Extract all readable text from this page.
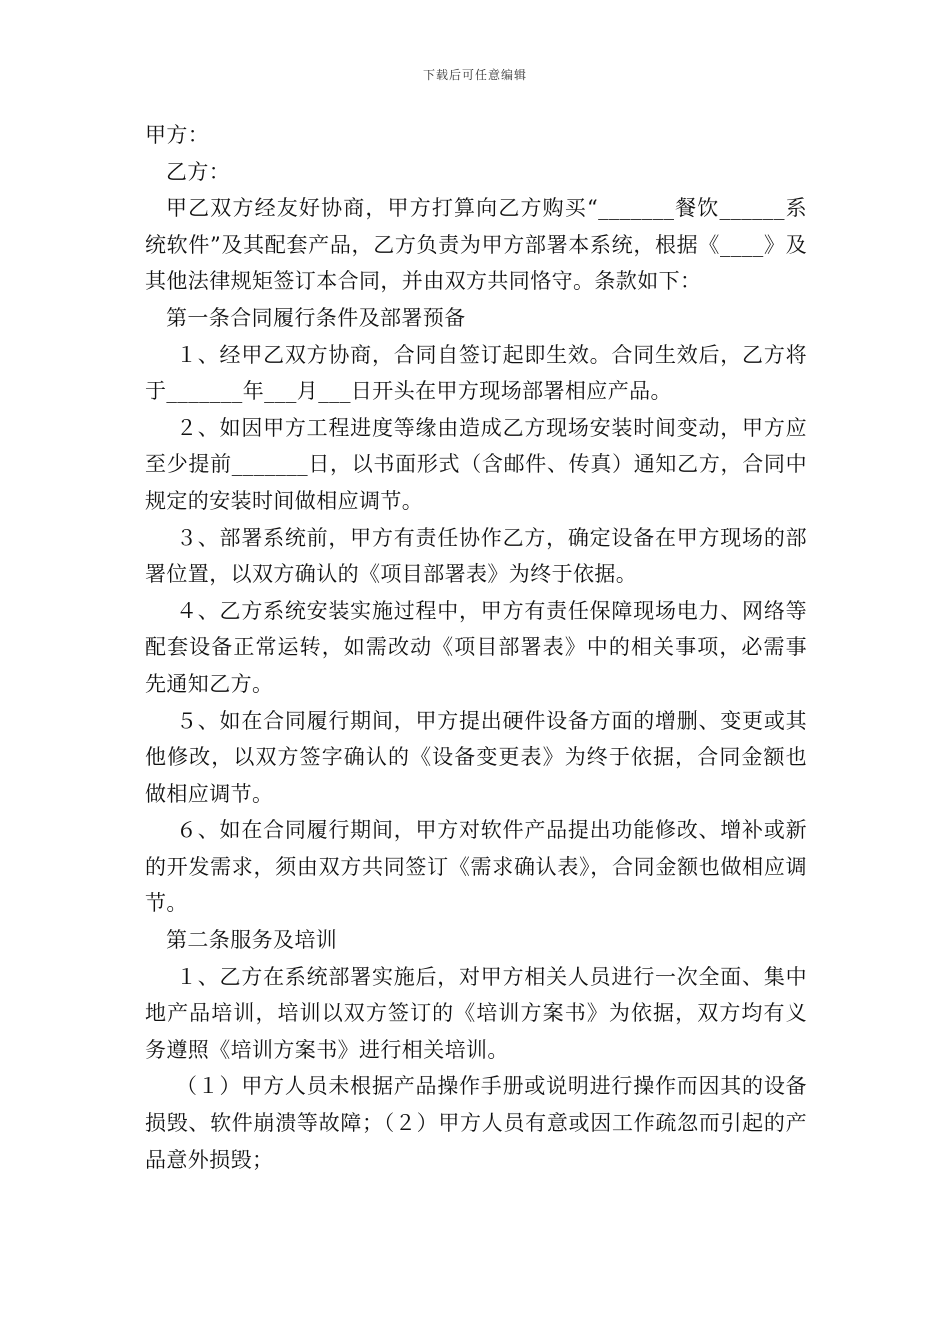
下载后可任意编辑

甲方：

乙方：

甲乙双方经友好协商，甲方打算向乙方购买“_______餐饮______系统软件”及其配套产品，乙方负责为甲方部署本系统，根据《____》及其他法律规矩签订本合同，并由双方共同恪守。条款如下：

第一条合同履行条件及部署预备

１、经甲乙双方协商，合同自签订起即生效。合同生效后，乙方将于_______年___月___日开头在甲方现场部署相应产品。

２、如因甲方工程进度等缘由造成乙方现场安装时间变动，甲方应至少提前_______日，以书面形式（含邮件、传真）通知乙方，合同中规定的安装时间做相应调节。

３、部署系统前，甲方有责任协作乙方，确定设备在甲方现场的部署位置，以双方确认的《项目部署表》为终于依据。

４、乙方系统安装实施过程中，甲方有责任保障现场电力、网络等配套设备正常运转，如需改动《项目部署表》中的相关事项，必需事先通知乙方。

５、如在合同履行期间，甲方提出硬件设备方面的增删、变更或其他修改，以双方签字确认的《设备变更表》为终于依据，合同金额也做相应调节。

６、如在合同履行期间，甲方对软件产品提出功能修改、增补或新的开发需求，须由双方共同签订《需求确认表》，合同金额也做相应调节。

第二条服务及培训

１、乙方在系统部署实施后，对甲方相关人员进行一次全面、集中地产品培训，培训以双方签订的《培训方案书》为依据，双方均有义务遵照《培训方案书》进行相关培训。

（１）甲方人员未根据产品操作手册或说明进行操作而因其的设备损毁、软件崩溃等故障；（２）甲方人员有意或因工作疏忽而引起的产品意外损毁；
